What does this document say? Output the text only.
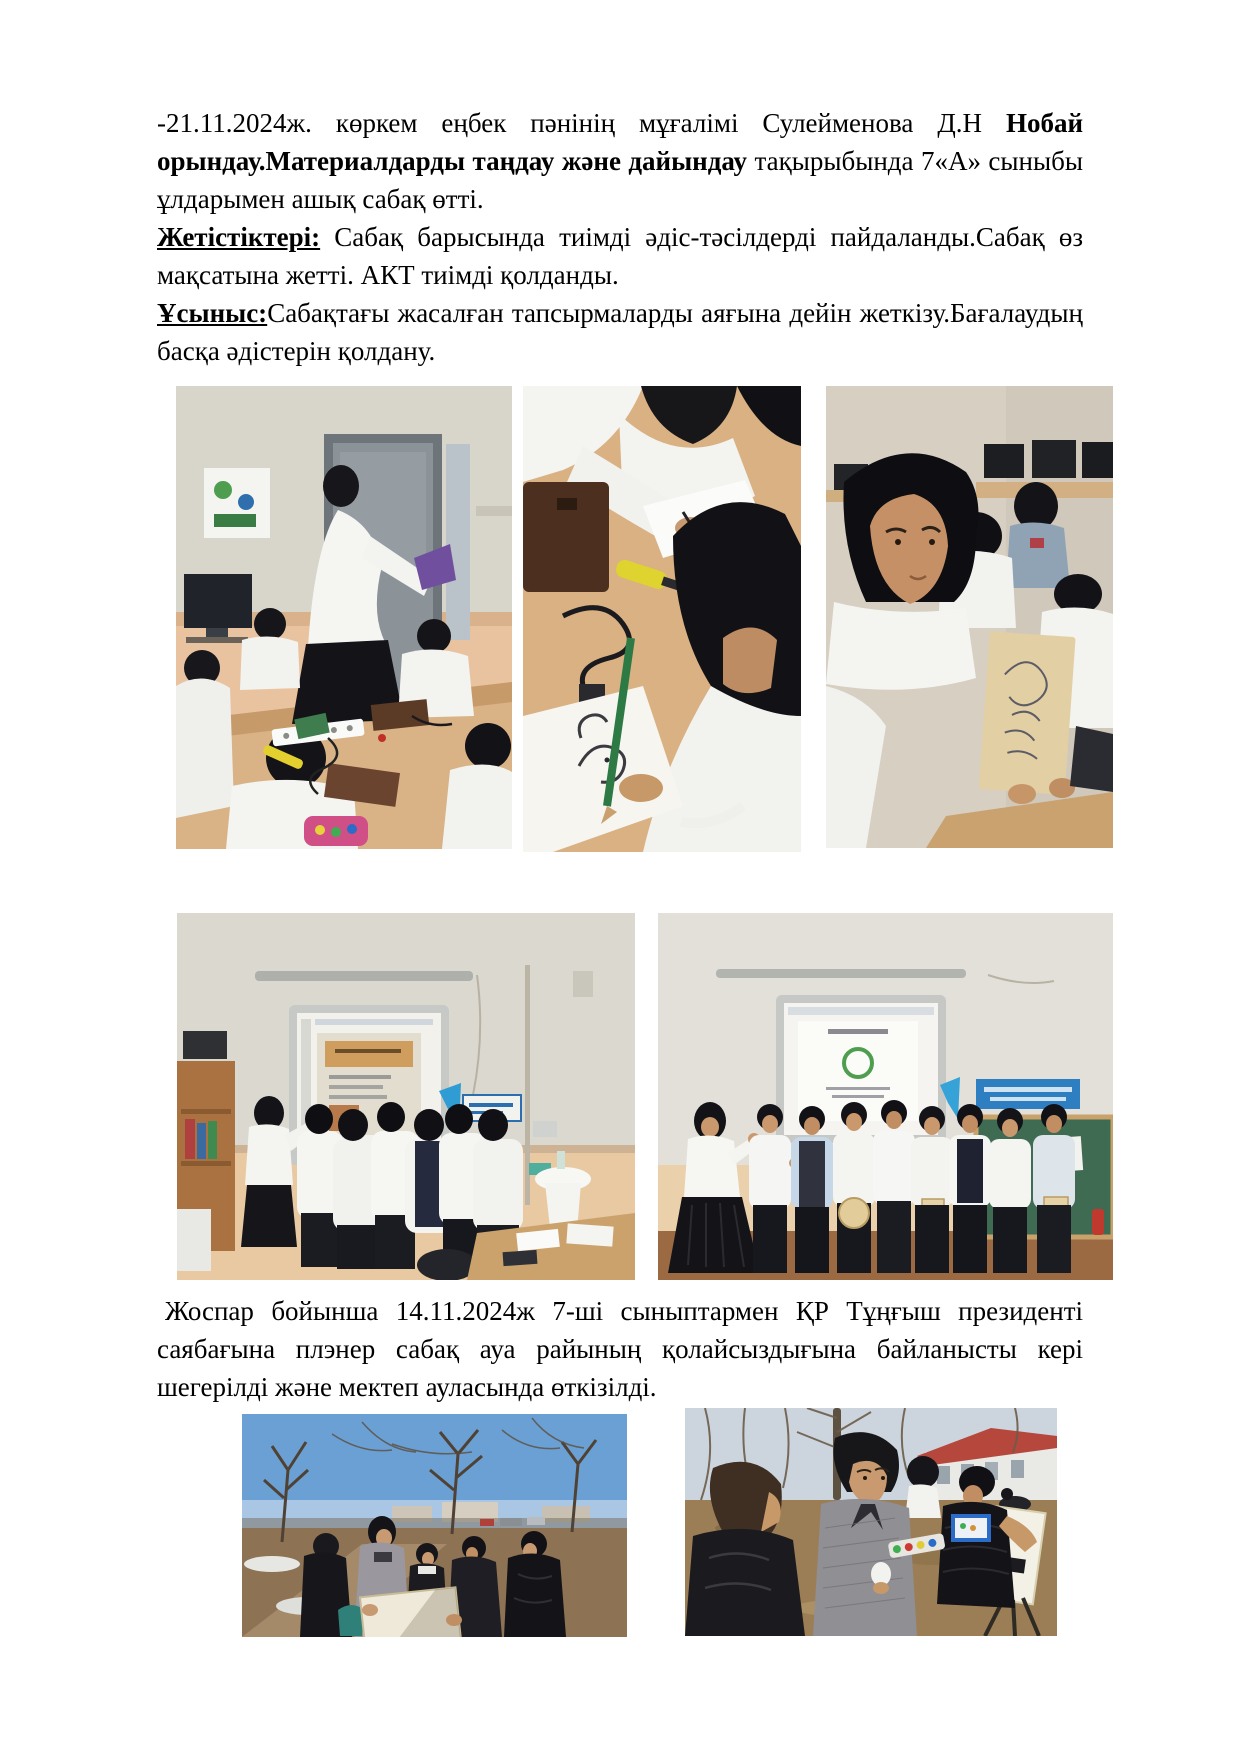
-21.11.2024ж. көркем еңбек пәнінің мұғалімі Сулейменова Д.Н Нобай орындау.Материалдарды таңдау және дайындау тақырыбында 7«А» сыныбы ұлдарымен ашық сабақ өтті.

Жетістіктері: Сабақ барысында тиімді әдіс-тәсілдерді пайдаланды.Сабақ өз мақсатына жетті. АКТ тиімді қолданды.

Ұсыныс:Сабақтағы жасалған тапсырмаларды аяғына дейін жеткізу.Бағалаудың басқа әдістерін қолдану.

Жоспар бойынша 14.11.2024ж 7-ші сыныптармен ҚР Тұңғыш президенті саябағына плэнер сабақ ауа райының қолайсыздығына байланысты кері шегерілді және мектеп ауласында өткізілді.
